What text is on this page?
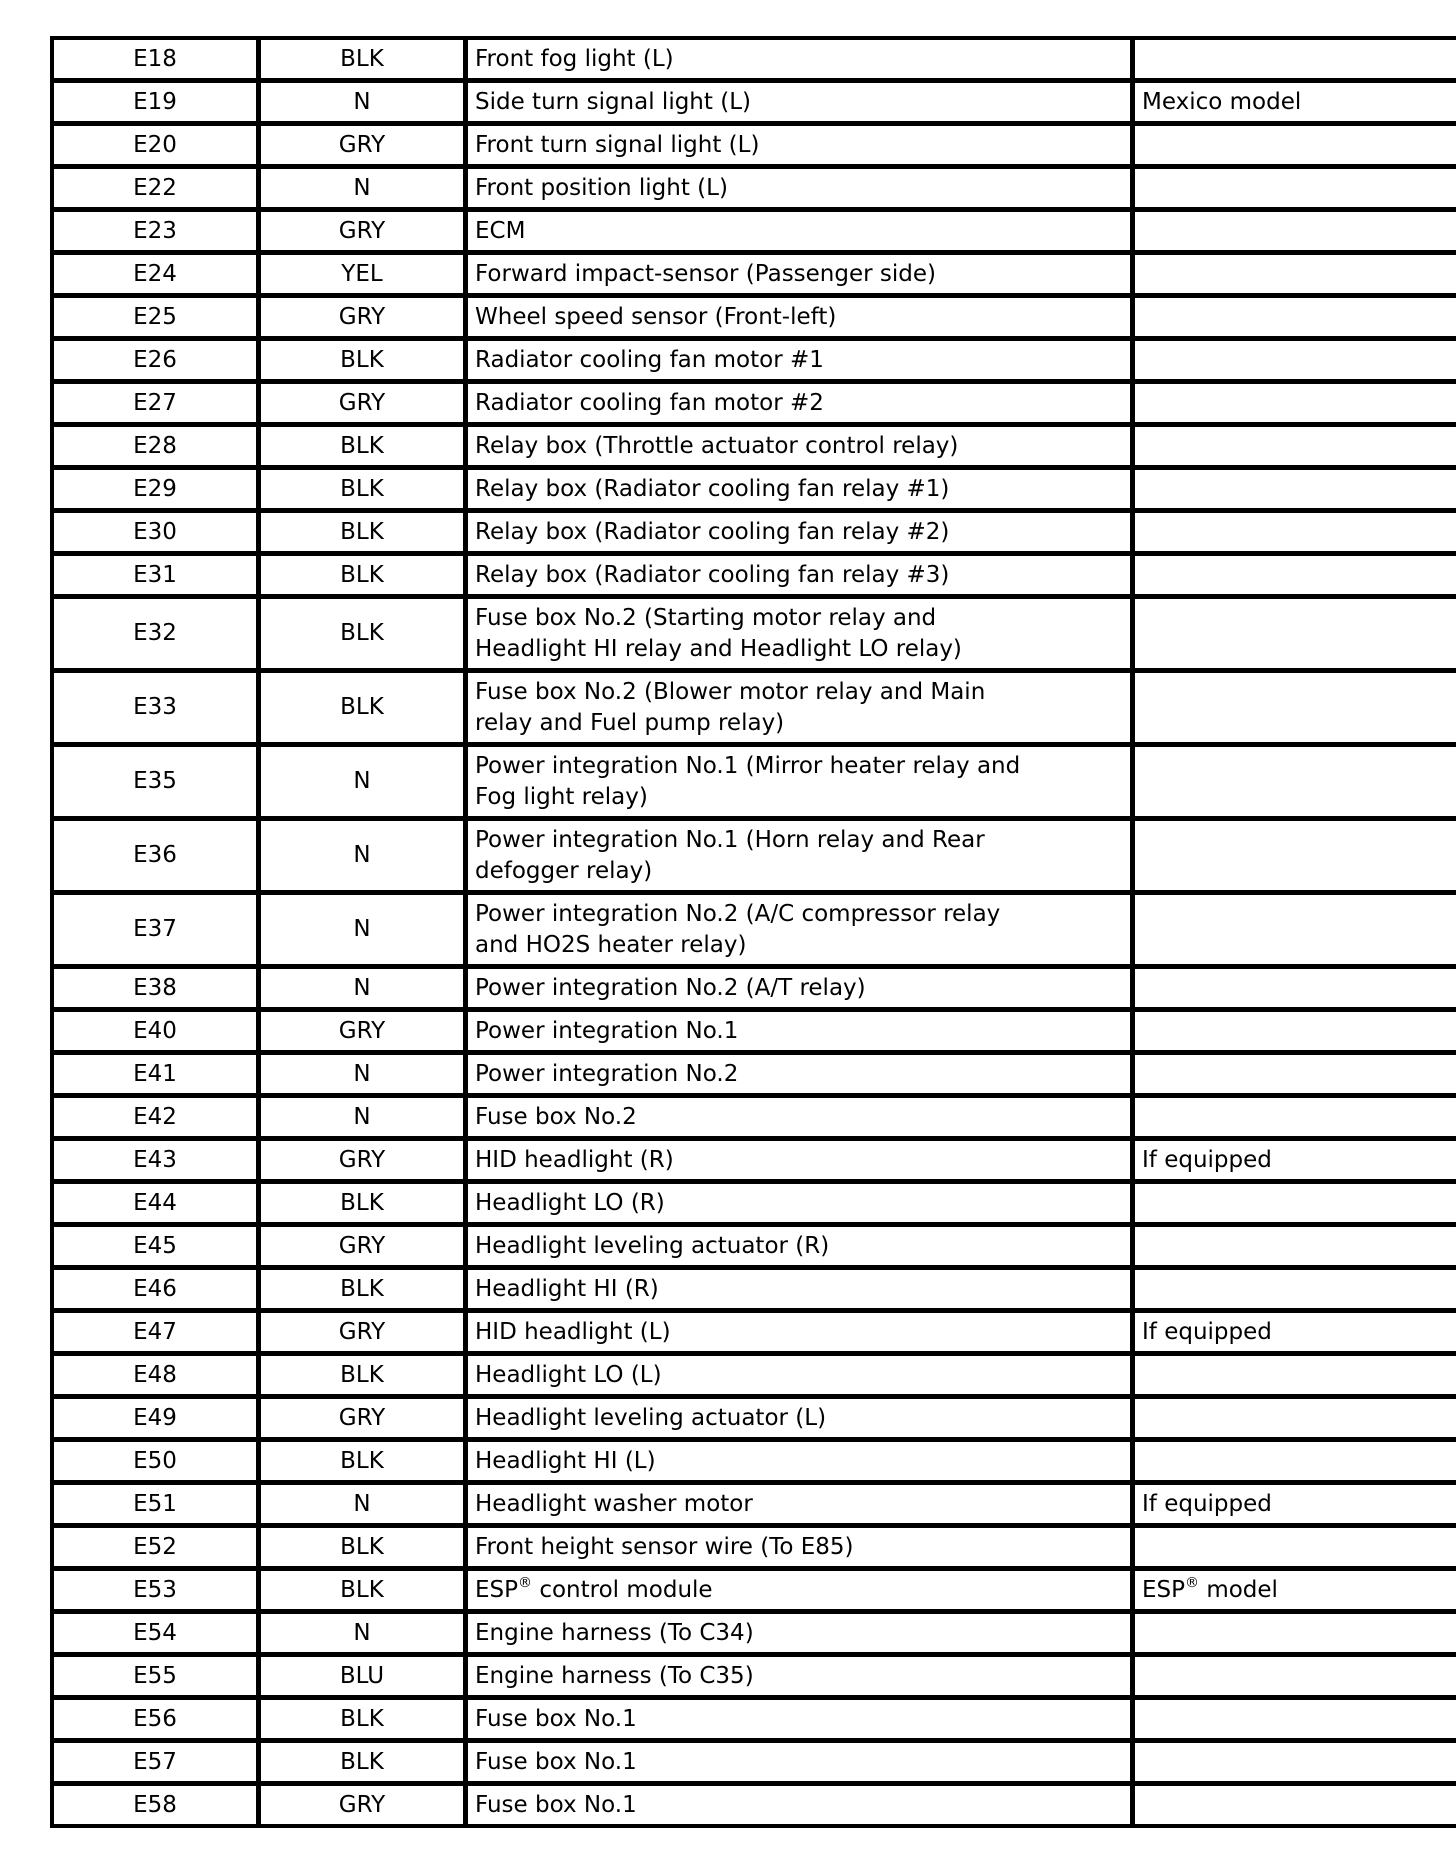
E18	BLK	Front fog light (L)	
E19	N	Side turn signal light (L)	Mexico model
E20	GRY	Front turn signal light (L)	
E22	N	Front position light (L)	
E23	GRY	ECM	
E24	YEL	Forward impact-sensor (Passenger side)	
E25	GRY	Wheel speed sensor (Front-left)	
E26	BLK	Radiator cooling fan motor #1	
E27	GRY	Radiator cooling fan motor #2	
E28	BLK	Relay box (Throttle actuator control relay)	
E29	BLK	Relay box (Radiator cooling fan relay #1)	
E30	BLK	Relay box (Radiator cooling fan relay #2)	
E31	BLK	Relay box (Radiator cooling fan relay #3)	
E32	BLK	Fuse box No.2 (Starting motor relay and
Headlight HI relay and Headlight LO relay)	
E33	BLK	Fuse box No.2 (Blower motor relay and Main
relay and Fuel pump relay)	
E35	N	Power integration No.1 (Mirror heater relay and
Fog light relay)	
E36	N	Power integration No.1 (Horn relay and Rear
defogger relay)	
E37	N	Power integration No.2 (A/C compressor relay
and HO2S heater relay)	
E38	N	Power integration No.2 (A/T relay)	
E40	GRY	Power integration No.1	
E41	N	Power integration No.2	
E42	N	Fuse box No.2	
E43	GRY	HID headlight (R)	If equipped
E44	BLK	Headlight LO (R)	
E45	GRY	Headlight leveling actuator (R)	
E46	BLK	Headlight HI (R)	
E47	GRY	HID headlight (L)	If equipped
E48	BLK	Headlight LO (L)	
E49	GRY	Headlight leveling actuator (L)	
E50	BLK	Headlight HI (L)	
E51	N	Headlight washer motor	If equipped
E52	BLK	Front height sensor wire (To E85)	
E53	BLK	ESP® control module	ESP® model
E54	N	Engine harness (To C34)	
E55	BLU	Engine harness (To C35)	
E56	BLK	Fuse box No.1	
E57	BLK	Fuse box No.1	
E58	GRY	Fuse box No.1	
